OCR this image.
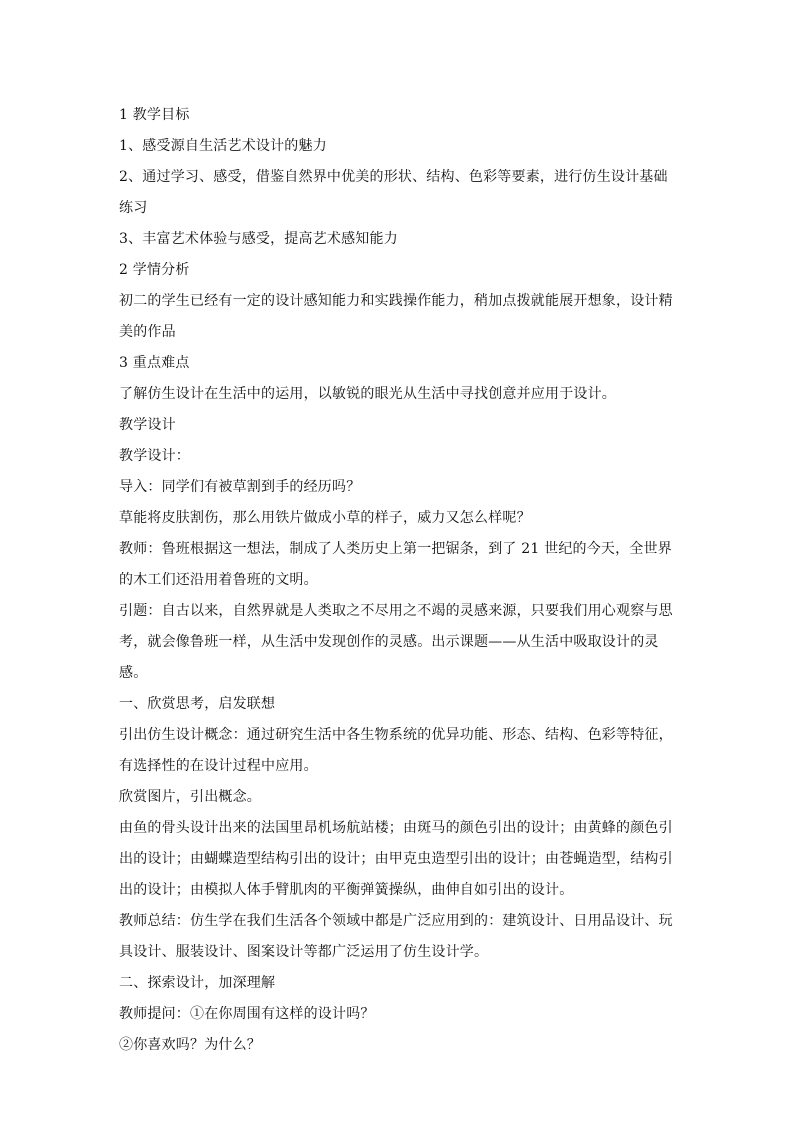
1 教学目标

1、感受源自生活艺术设计的魅力

2、通过学习、感受，借鉴自然界中优美的形状、结构、色彩等要素，进行仿生设计基础练习

3、丰富艺术体验与感受，提高艺术感知能力

2 学情分析

初二的学生已经有一定的设计感知能力和实践操作能力，稍加点拨就能展开想象，设计精美的作品

3 重点难点

了解仿生设计在生活中的运用，以敏锐的眼光从生活中寻找创意并应用于设计。

教学设计

教学设计：

导入：同学们有被草割到手的经历吗？

草能将皮肤割伤，那么用铁片做成小草的样子，威力又怎么样呢？

教师：鲁班根据这一想法，制成了人类历史上第一把锯条，到了 21 世纪的今天，全世界的木工们还沿用着鲁班的文明。

引题：自古以来，自然界就是人类取之不尽用之不竭的灵感来源，只要我们用心观察与思考，就会像鲁班一样，从生活中发现创作的灵感。出示课题——从生活中吸取设计的灵感。

一、欣赏思考，启发联想

引出仿生设计概念：通过研究生活中各生物系统的优异功能、形态、结构、色彩等特征，有选择性的在设计过程中应用。

欣赏图片，引出概念。

由鱼的骨头设计出来的法国里昂机场航站楼；由斑马的颜色引出的设计；由黄蜂的颜色引出的设计；由蝴蝶造型结构引出的设计；由甲克虫造型引出的设计；由苍蝇造型，结构引出的设计；由模拟人体手臂肌肉的平衡弹簧操纵，曲伸自如引出的设计。

教师总结：仿生学在我们生活各个领域中都是广泛应用到的：建筑设计、日用品设计、玩具设计、服装设计、图案设计等都广泛运用了仿生设计学。

二、探索设计，加深理解

教师提问：①在你周围有这样的设计吗？

②你喜欢吗？为什么？
